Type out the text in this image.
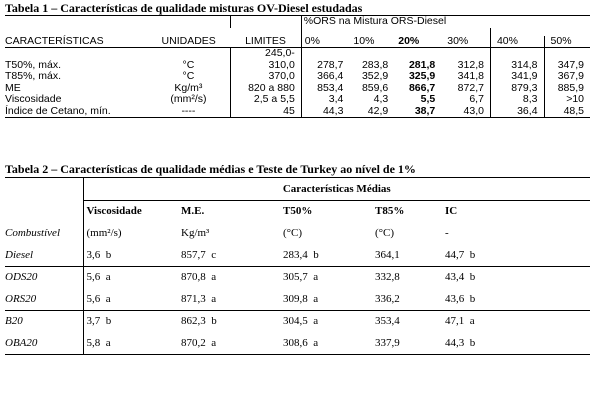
Tabela 1 – Características de qualidade misturas OV-Diesel estudadas
			%ORS na Mistura ORS-Diesel					

CARACTERÍSTICAS	UNIDADES	LIMITES	0%	10%	20%	30%	40%	50%
		245,0-						
T50%, máx.	°C	310,0	278,7	283,8	281,8	312,8	314,8	347,9
T85%, máx.	°C	370,0	366,4	352,9	325,9	341,8	341,9	367,9
ME	Kg/m³	820 a 880	853,4	859,6	866,7	872,7	879,3	885,9
Viscosidade	(mm²/s)	2,5 a 5,5	3,4	4,3	5,5	6,7	8,3	>10
Índice de Cetano, mín.	----	45	44,3	42,9	38,7	43,0	36,4	48,5
Tabela 2 – Características de qualidade médias e Teste de Turkey ao nível de 1%
	Características Médias				
	Viscosidade	M.E.	T50%	T85%	IC
Combustível	(mm²/s)	Kg/m³	(°C)	(°C)	-
Diesel	3,6  b	857,7  c	283,4  b	364,1	44,7  b
ODS20	5,6  a	870,8  a	305,7  a	332,8	43,4  b
ORS20	5,6  a	871,3  a	309,8  a	336,2	43,6  b
B20	3,7  b	862,3  b	304,5  a	353,4	47,1  a
OBA20	5,8  a	870,2  a	308,6  a	337,9	44,3  b
